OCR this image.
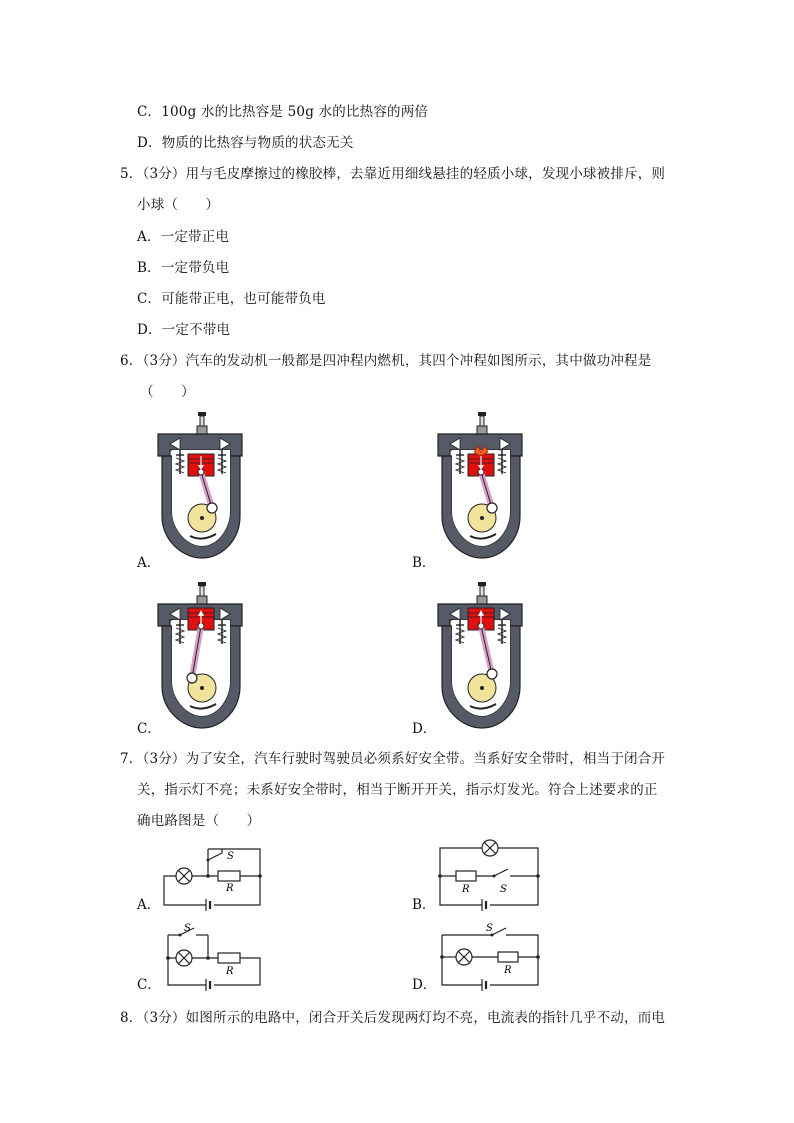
C．100g 水的比热容是 50g 水的比热容的两倍
D．物质的比热容与物质的状态无关
5．（3分）用与毛皮摩擦过的橡胶棒，去靠近用细线悬挂的轻质小球，发现小球被排斥，则
小球（　　）
A．一定带正电
B．一定带负电
C．可能带正电，也可能带负电
D．一定不带电
6．（3分）汽车的发动机一般都是四冲程内燃机，其四个冲程如图所示，其中做功冲程是
（　　）
A．	B．
C．	D．
7．（3分）为了安全，汽车行驶时驾驶员必须系好安全带。当系好安全带时，相当于闭合开
关，指示灯不亮；未系好安全带时，相当于断开开关，指示灯发光。符合上述要求的正
确电路图是（　　）
S
R
A．
R	S
B．
S
R
C．
S
R
D．
8．（3分）如图所示的电路中，闭合开关后发现两灯均不亮，电流表的指针几乎不动，而电
